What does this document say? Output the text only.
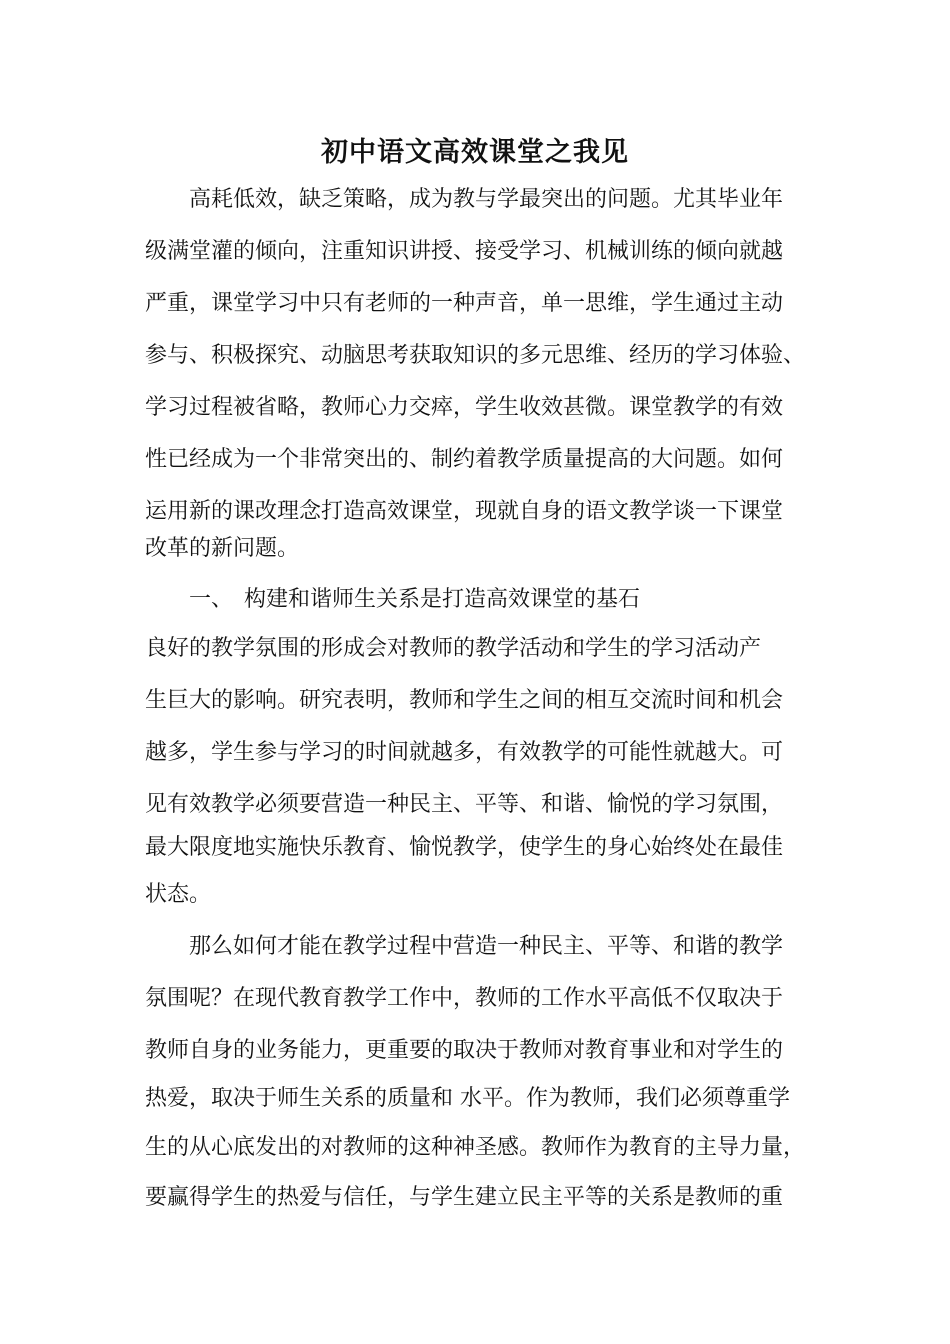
初中语文高效课堂之我见
　　高耗低效，缺乏策略，成为教与学最突出的问题。尤其毕业年
级满堂灌的倾向，注重知识讲授、接受学习、机械训练的倾向就越
严重，课堂学习中只有老师的一种声音，单一思维，学生通过主动
参与、积极探究、动脑思考获取知识的多元思维、经历的学习体验、
学习过程被省略，教师心力交瘁，学生收效甚微。课堂教学的有效
性已经成为一个非常突出的、制约着教学质量提高的大问题。如何
运用新的课改理念打造高效课堂，现就自身的语文教学谈一下课堂
改革的新问题。
　　一、　构建和谐师生关系是打造高效课堂的基石
良好的教学氛围的形成会对教师的教学活动和学生的学习活动产
生巨大的影响。研究表明，教师和学生之间的相互交流时间和机会
越多，学生参与学习的时间就越多，有效教学的可能性就越大。可
见有效教学必须要营造一种民主、平等、和谐、愉悦的学习氛围，
最大限度地实施快乐教育、愉悦教学，使学生的身心始终处在最佳
状态。
　　那么如何才能在教学过程中营造一种民主、平等、和谐的教学
氛围呢？在现代教育教学工作中，教师的工作水平高低不仅取决于
教师自身的业务能力，更重要的取决于教师对教育事业和对学生的
热爱，取决于师生关系的质量和 水平。作为教师，我们必须尊重学
生的从心底发出的对教师的这种神圣感。教师作为教育的主导力量，
要赢得学生的热爱与信任，与学生建立民主平等的关系是教师的重
